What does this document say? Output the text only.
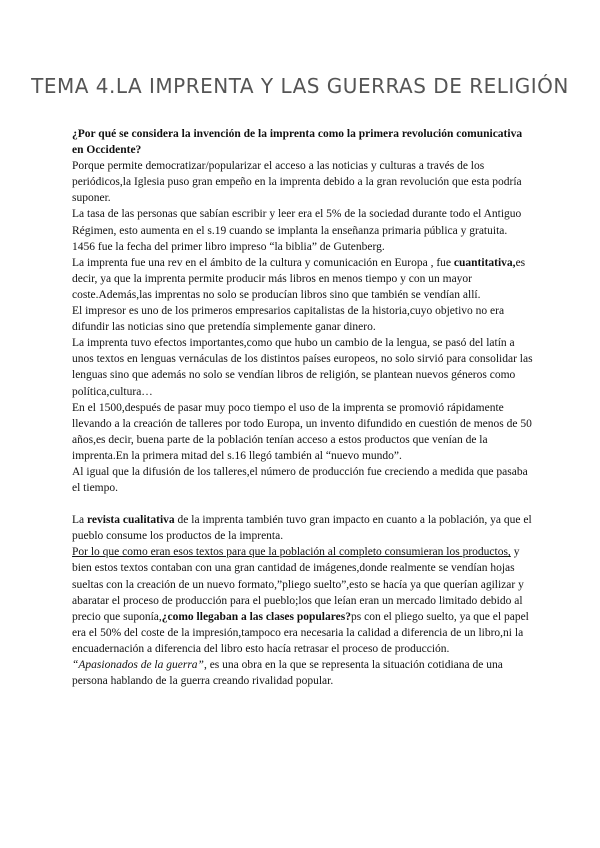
TEMA 4.LA IMPRENTA Y LAS GUERRAS DE RELIGIÓN

¿Por qué se considera la invención de la imprenta como la primera revolución comunicativa en Occidente?

Porque permite democratizar/popularizar el acceso a las noticias y culturas a través de los periódicos,la Iglesia puso gran empeño en la imprenta debido a la gran revolución que esta podría suponer.

La tasa de las personas que sabían escribir y leer era el 5% de la sociedad durante todo el Antiguo Régimen, esto aumenta en el s.19 cuando se implanta la enseñanza primaria pública y gratuita.

1456 fue la fecha del primer libro impreso “la biblia” de Gutenberg.

La imprenta fue una rev en el ámbito de la cultura y comunicación en Europa , fue cuantitativa,es decir, ya que la imprenta permite producir más libros en menos tiempo y con un mayor coste.Además,las imprentas no solo se producían libros sino que también se vendían allí.

El impresor es uno de los primeros empresarios capitalistas de la historia,cuyo objetivo no era difundir las noticias sino que pretendía simplemente ganar dinero.

La imprenta tuvo efectos importantes,como que hubo un cambio de la lengua, se pasó del latín a unos textos en lenguas vernáculas de los distintos países europeos, no solo sirvió para consolidar las lenguas sino que además no solo se vendían libros de religión, se plantean nuevos géneros como política,cultura…

En el 1500,después de pasar muy poco tiempo el uso de la imprenta se promovió rápidamente llevando a la creación de talleres por todo Europa, un invento difundido en cuestión de menos de 50 años,es decir, buena parte de la población tenían acceso a estos productos que venían de la imprenta.En la primera mitad del s.16 llegó también al “nuevo mundo”.

Al igual que la difusión de los talleres,el número de producción fue creciendo a medida que pasaba el tiempo.

La revista cualitativa de la imprenta también tuvo gran impacto en cuanto a la población, ya que el pueblo consume los productos de la imprenta.

Por lo que como eran esos textos para que la población al completo consumieran los productos, y bien estos textos contaban con una gran cantidad de imágenes,donde realmente se vendían hojas sueltas con la creación de un nuevo formato,”pliego suelto”,esto se hacía ya que querían agilizar y abaratar el proceso de producción para el pueblo;los que leían eran un mercado limitado debido al precio que suponía,¿como llegaban a las clases populares?ps con el pliego suelto, ya que el papel era el 50% del coste de la impresión,tampoco era necesaria la calidad a diferencia de un libro,ni la encuadernación a diferencia del libro esto hacía retrasar el proceso de producción.

“Apasionados de la guerra”, es una obra en la que se representa la situación cotidiana de una persona hablando de la guerra creando rivalidad popular.
